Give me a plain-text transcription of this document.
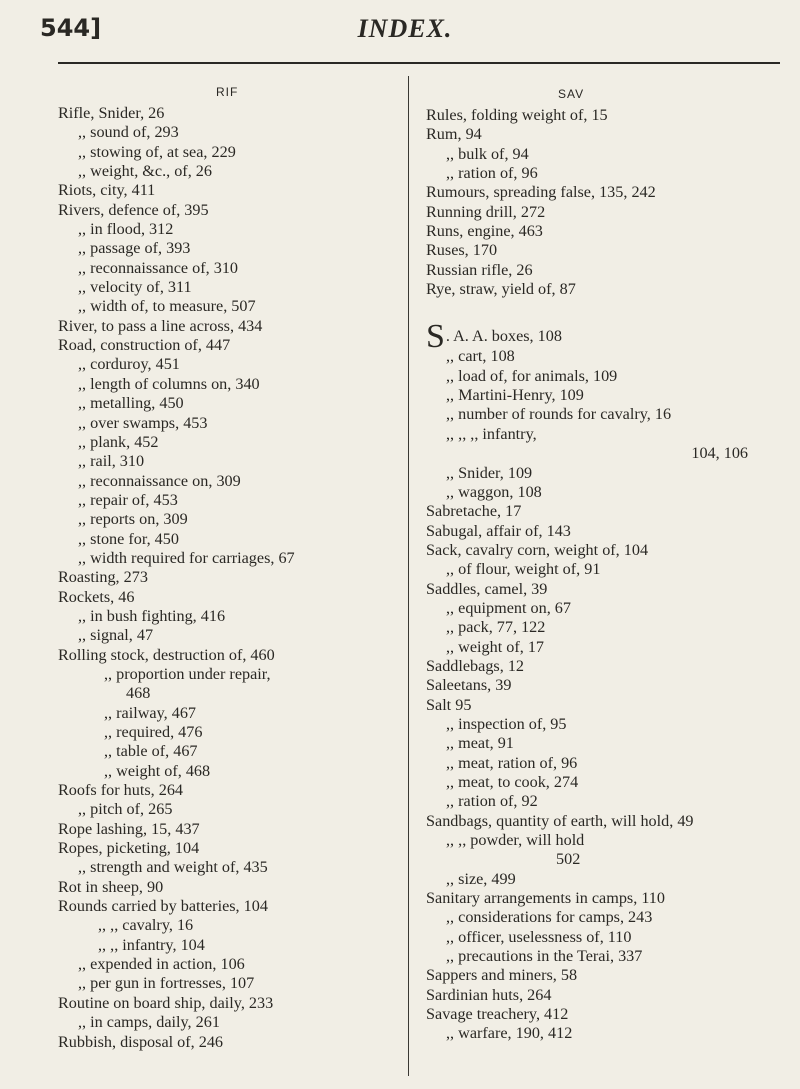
544]	INDEX.
RIF
Rifle, Snider, 26
,, sound of, 293
,, stowing of, at sea, 229
,, weight, &c., of, 26
Riots, city, 411
Rivers, defence of, 395
,, in flood, 312
,, passage of, 393
,, reconnaissance of, 310
,, velocity of, 311
,, width of, to measure, 507
River, to pass a line across, 434
Road, construction of, 447
,, corduroy, 451
,, length of columns on, 340
,, metalling, 450
,, over swamps, 453
,, plank, 452
,, rail, 310
,, reconnaissance on, 309
,, repair of, 453
,, reports on, 309
,, stone for, 450
,, width required for carriages, 67
Roasting, 273
Rockets, 46
,, in bush fighting, 416
,, signal, 47
Rolling stock, destruction of, 460
,, proportion under repair,
468
,, railway, 467
,, required, 476
,, table of, 467
,, weight of, 468
Roofs for huts, 264
,, pitch of, 265
Rope lashing, 15, 437
Ropes, picketing, 104
,, strength and weight of, 435
Rot in sheep, 90
Rounds carried by batteries, 104
,, ,, cavalry, 16
,, ,, infantry, 104
,, expended in action, 106
,, per gun in fortresses, 107
Routine on board ship, daily, 233
,, in camps, daily, 261
Rubbish, disposal of, 246
SAV
Rules, folding weight of, 15
Rum, 94
,, bulk of, 94
,, ration of, 96
Rumours, spreading false, 135, 242
Running drill, 272
Runs, engine, 463
Ruses, 170
Russian rifle, 26
Rye, straw, yield of, 87
S. A. A. boxes, 108
,, cart, 108
,, load of, for animals, 109
,, Martini-Henry, 109
,, number of rounds for cavalry, 16
,, ,, ,, infantry,
104, 106
,, Snider, 109
,, waggon, 108
Sabretache, 17
Sabugal, affair of, 143
Sack, cavalry corn, weight of, 104
,, of flour, weight of, 91
Saddles, camel, 39
,, equipment on, 67
,, pack, 77, 122
,, weight of, 17
Saddlebags, 12
Saleetans, 39
Salt 95
,, inspection of, 95
,, meat, 91
,, meat, ration of, 96
,, meat, to cook, 274
,, ration of, 92
Sandbags, quantity of earth, will hold, 49
,, ,, powder, will hold
502
,, size, 499
Sanitary arrangements in camps, 110
,, considerations for camps, 243
,, officer, uselessness of, 110
,, precautions in the Terai, 337
Sappers and miners, 58
Sardinian huts, 264
Savage treachery, 412
,, warfare, 190, 412
